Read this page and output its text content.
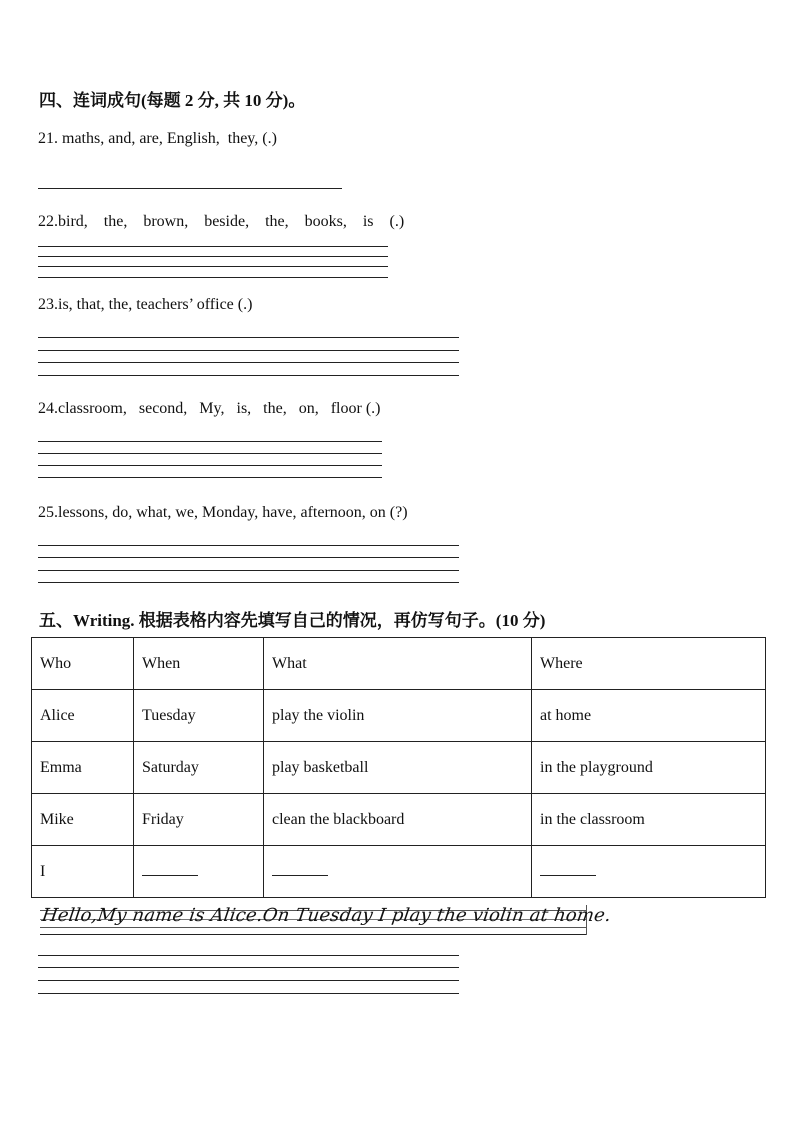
四、连词成句(每题 2 分, 共 10 分)。
21. maths, and, are, English,  they, (.)
22.bird,    the,    brown,    beside,    the,    books,    is    (.)
23.is, that, the, teachers’ office (.)
24.classroom,   second,   My,   is,   the,   on,   floor (.)
25.lessons, do, what, we, Monday, have, afternoon, on (?)
五、Writing. 根据表格内容先填写自己的情况，再仿写句子。(10 分)
Who	When	What	Where
Alice	Tuesday	play the violin	at home
Emma	Saturday	play basketball	in the playground
Mike	Friday	clean the blackboard	in the classroom
I			
Hello,My name is Alice.On Tuesday I play the violin at home.
